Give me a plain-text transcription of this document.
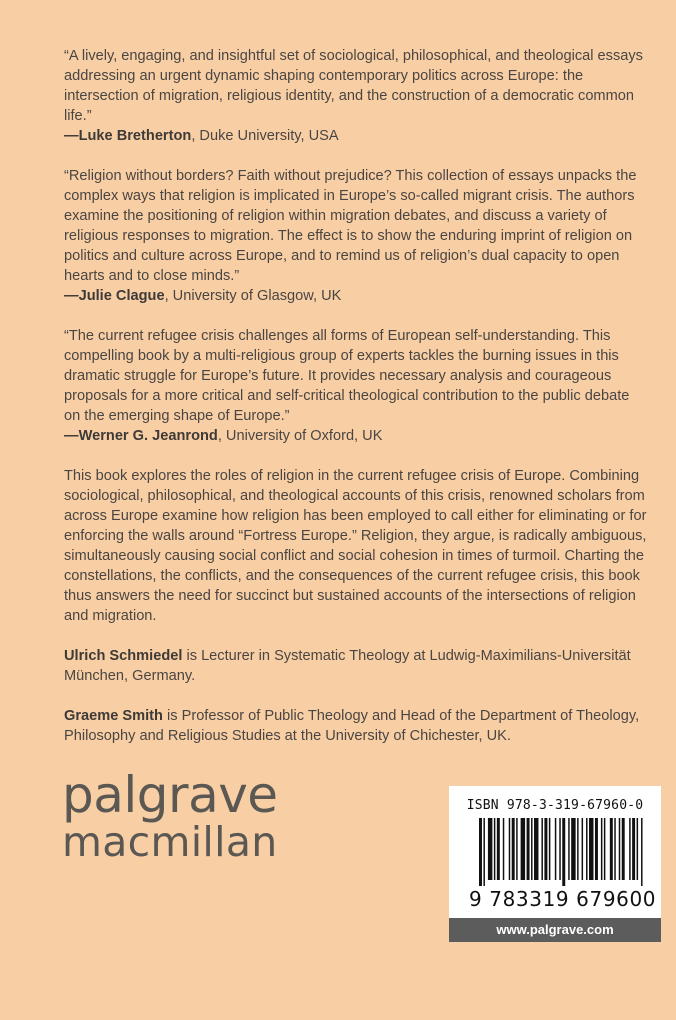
“A lively, engaging, and insightful set of sociological, philosophical, and theological essays addressing an urgent dynamic shaping contemporary politics across Europe: the intersection of migration, religious identity, and the construction of a democratic common life.”

—Luke Bretherton, Duke University, USA

“Religion without borders? Faith without prejudice? This collection of essays unpacks the complex ways that religion is implicated in Europe’s so-called migrant crisis. The authors examine the positioning of religion within migration debates, and discuss a variety of religious responses to migration. The effect is to show the enduring imprint of religion on politics and culture across Europe, and to remind us of religion’s dual capacity to open hearts and to close minds.”

—Julie Clague, University of Glasgow, UK

“The current refugee crisis challenges all forms of European self-understanding. This compelling book by a multi-religious group of experts tackles the burning issues in this dramatic struggle for Europe’s future. It provides necessary analysis and courageous proposals for a more critical and self-critical theological contribution to the public debate on the emerging shape of Europe.”

—Werner G. Jeanrond, University of Oxford, UK

This book explores the roles of religion in the current refugee crisis of Europe. Combining sociological, philosophical, and theological accounts of this crisis, renowned scholars from across Europe examine how religion has been employed to call either for eliminating or for enforcing the walls around “Fortress Europe.” Religion, they argue, is radically ambiguous, simultaneously causing social conflict and social cohesion in times of turmoil. Charting the constellations, the conflicts, and the consequences of the current refugee crisis, this book thus answers the need for succinct but sustained accounts of the intersections of religion and migration.

Ulrich Schmiedel is Lecturer in Systematic Theology at Ludwig-Maximilians-Universität München, Germany.

Graeme Smith is Professor of Public Theology and Head of the Department of Theology, Philosophy and Religious Studies at the University of Chichester, UK.

palgrave
macmillan
ISBN 978-3-319-67960-0
9 783319 679600
www.palgrave.com
